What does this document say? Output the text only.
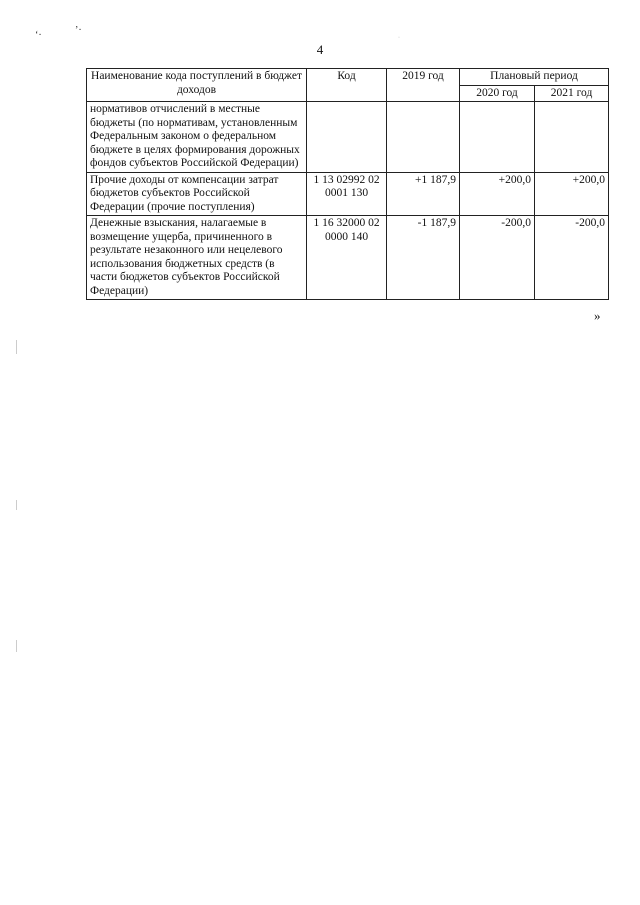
‘·	’·
·
4
Наименование кода поступлений в бюджет доходов	Код	2019 год	Плановый период	
			2020 год	2021 год
нормативов отчислений в местные бюджеты (по нормативам, установленным Федеральным законом о федеральном бюджете в целях формирования дорожных фондов субъектов Российской Федерации)				
Прочие доходы от компенсации затрат бюджетов субъектов Российской Федерации (прочие поступления)	1 13 02992 02 0001 130	+1 187,9	+200,0	+200,0
Денежные взыскания, налагаемые в возмещение ущерба, причиненного в результате незаконного или нецелевого использования бюджетных средств (в части бюджетов субъектов Российской Федерации)	1 16 32000 02 0000 140	-1 187,9	-200,0	-200,0
»
